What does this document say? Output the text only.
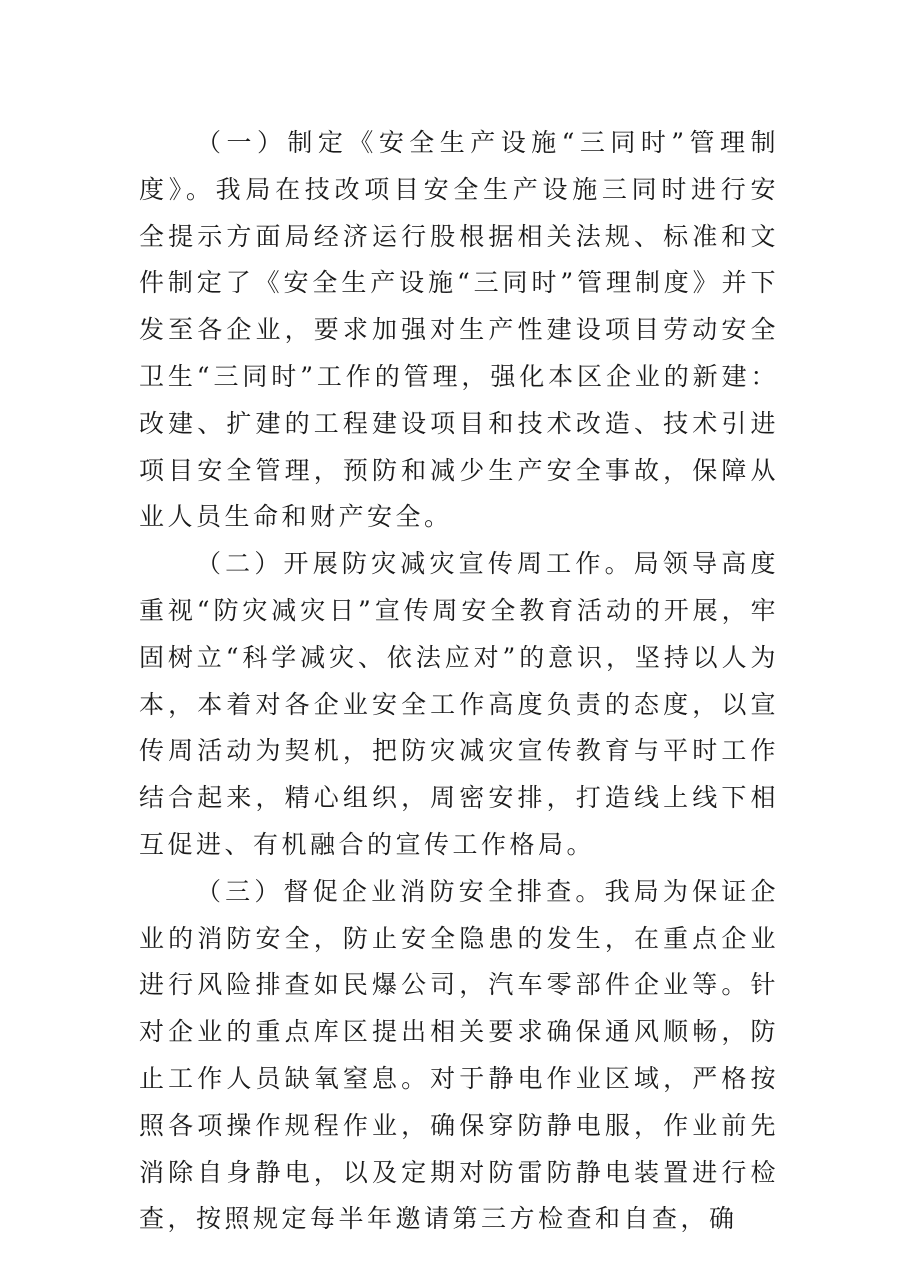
（一）制定《安全生产设施“三同时”管理制度》。我局在技改项目安全生产设施三同时进行安全提示方面局经济运行股根据相关法规、标准和文件制定了《安全生产设施“三同时”管理制度》并下发至各企业，要求加强对生产性建设项目劳动安全卫生“三同时”工作的管理，强化本区企业的新建：改建、扩建的工程建设项目和技术改造、技术引进项目安全管理，预防和减少生产安全事故，保障从业人员生命和财产安全。

（二）开展防灾减灾宣传周工作。局领导高度重视“防灾减灾日”宣传周安全教育活动的开展，牢固树立“科学减灾、依法应对”的意识，坚持以人为本，本着对各企业安全工作高度负责的态度，以宣传周活动为契机，把防灾减灾宣传教育与平时工作结合起来，精心组织，周密安排，打造线上线下相互促进、有机融合的宣传工作格局。

（三）督促企业消防安全排查。我局为保证企业的消防安全，防止安全隐患的发生，在重点企业进行风险排查如民爆公司，汽车零部件企业等。针对企业的重点库区提出相关要求确保通风顺畅，防止工作人员缺氧窒息。对于静电作业区域，严格按照各项操作规程作业，确保穿防静电服，作业前先消除自身静电，以及定期对防雷防静电装置进行检查，按照规定每半年邀请第三方检查和自查，确
